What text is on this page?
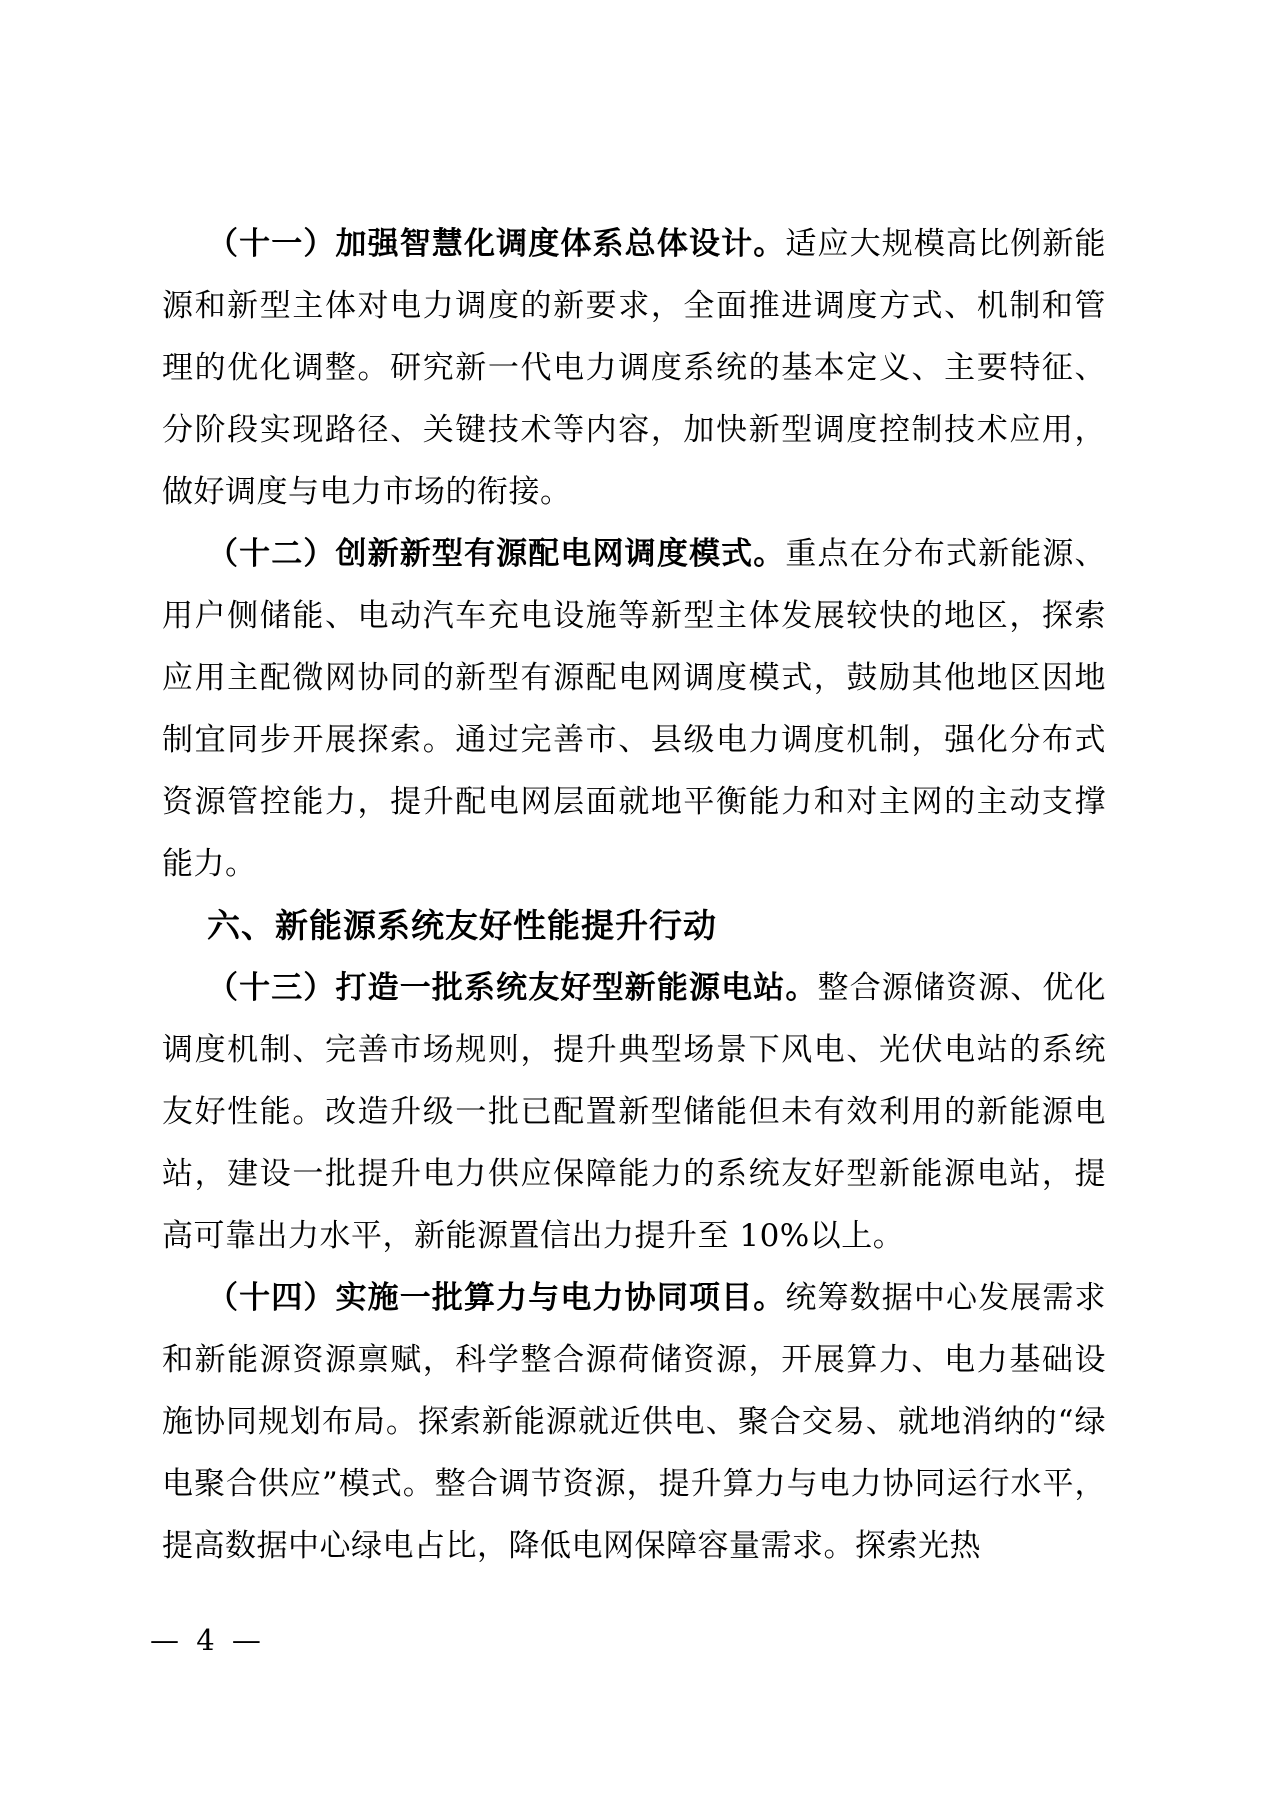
（十一）加强智慧化调度体系总体设计。适应大规模高比例新能源和新型主体对电力调度的新要求，全面推进调度方式、机制和管理的优化调整。研究新一代电力调度系统的基本定义、主要特征、分阶段实现路径、关键技术等内容，加快新型调度控制技术应用，做好调度与电力市场的衔接。

（十二）创新新型有源配电网调度模式。重点在分布式新能源、用户侧储能、电动汽车充电设施等新型主体发展较快的地区，探索应用主配微网协同的新型有源配电网调度模式，鼓励其他地区因地制宜同步开展探索。通过完善市、县级电力调度机制，强化分布式资源管控能力，提升配电网层面就地平衡能力和对主网的主动支撑能力。

六、新能源系统友好性能提升行动

（十三）打造一批系统友好型新能源电站。整合源储资源、优化调度机制、完善市场规则，提升典型场景下风电、光伏电站的系统友好性能。改造升级一批已配置新型储能但未有效利用的新能源电站，建设一批提升电力供应保障能力的系统友好型新能源电站，提高可靠出力水平，新能源置信出力提升至 10%以上。

（十四）实施一批算力与电力协同项目。统筹数据中心发展需求和新能源资源禀赋，科学整合源荷储资源，开展算力、电力基础设施协同规划布局。探索新能源就近供电、聚合交易、就地消纳的“绿电聚合供应”模式。整合调节资源，提升算力与电力协同运行水平，提高数据中心绿电占比，降低电网保障容量需求。探索光热

— 4 —
